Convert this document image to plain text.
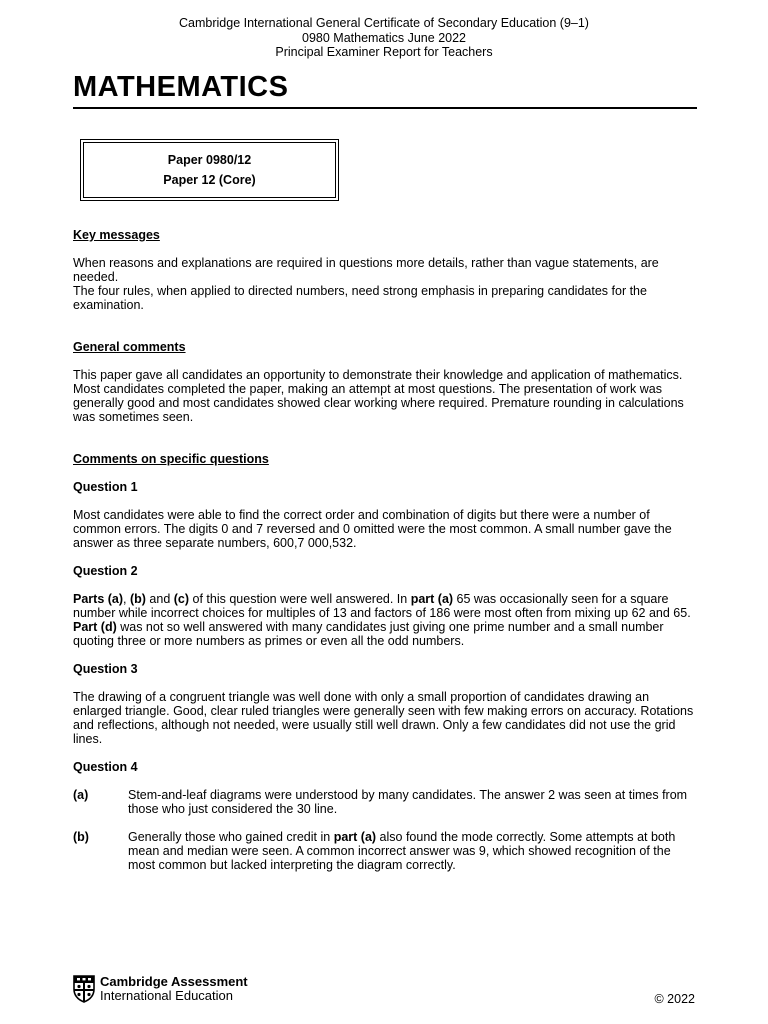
Cambridge International General Certificate of Secondary Education (9–1)
0980 Mathematics June 2022
Principal Examiner Report for Teachers
MATHEMATICS
Paper 0980/12
Paper 12 (Core)
Key messages
When reasons and explanations are required in questions more details, rather than vague statements, are needed.
The four rules, when applied to directed numbers, need strong emphasis in preparing candidates for the examination.
General comments
This paper gave all candidates an opportunity to demonstrate their knowledge and application of mathematics. Most candidates completed the paper, making an attempt at most questions. The presentation of work was generally good and most candidates showed clear working where required. Premature rounding in calculations was sometimes seen.
Comments on specific questions
Question 1
Most candidates were able to find the correct order and combination of digits but there were a number of common errors. The digits 0 and 7 reversed and 0 omitted were the most common. A small number gave the answer as three separate numbers, 600,7 000,532.
Question 2
Parts (a), (b) and (c) of this question were well answered. In part (a) 65 was occasionally seen for a square number while incorrect choices for multiples of 13 and factors of 186 were most often from mixing up 62 and 65. Part (d) was not so well answered with many candidates just giving one prime number and a small number quoting three or more numbers as primes or even all the odd numbers.
Question 3
The drawing of a congruent triangle was well done with only a small proportion of candidates drawing an enlarged triangle. Good, clear ruled triangles were generally seen with few making errors on accuracy. Rotations and reflections, although not needed, were usually still well drawn. Only a few candidates did not use the grid lines.
Question 4
(a)	Stem-and-leaf diagrams were understood by many candidates. The answer 2 was seen at times from those who just considered the 30 line.
(b)	Generally those who gained credit in part (a) also found the mode correctly. Some attempts at both mean and median were seen. A common incorrect answer was 9, which showed recognition of the most common but lacked interpreting the diagram correctly.
Cambridge Assessment
International Education	© 2022
